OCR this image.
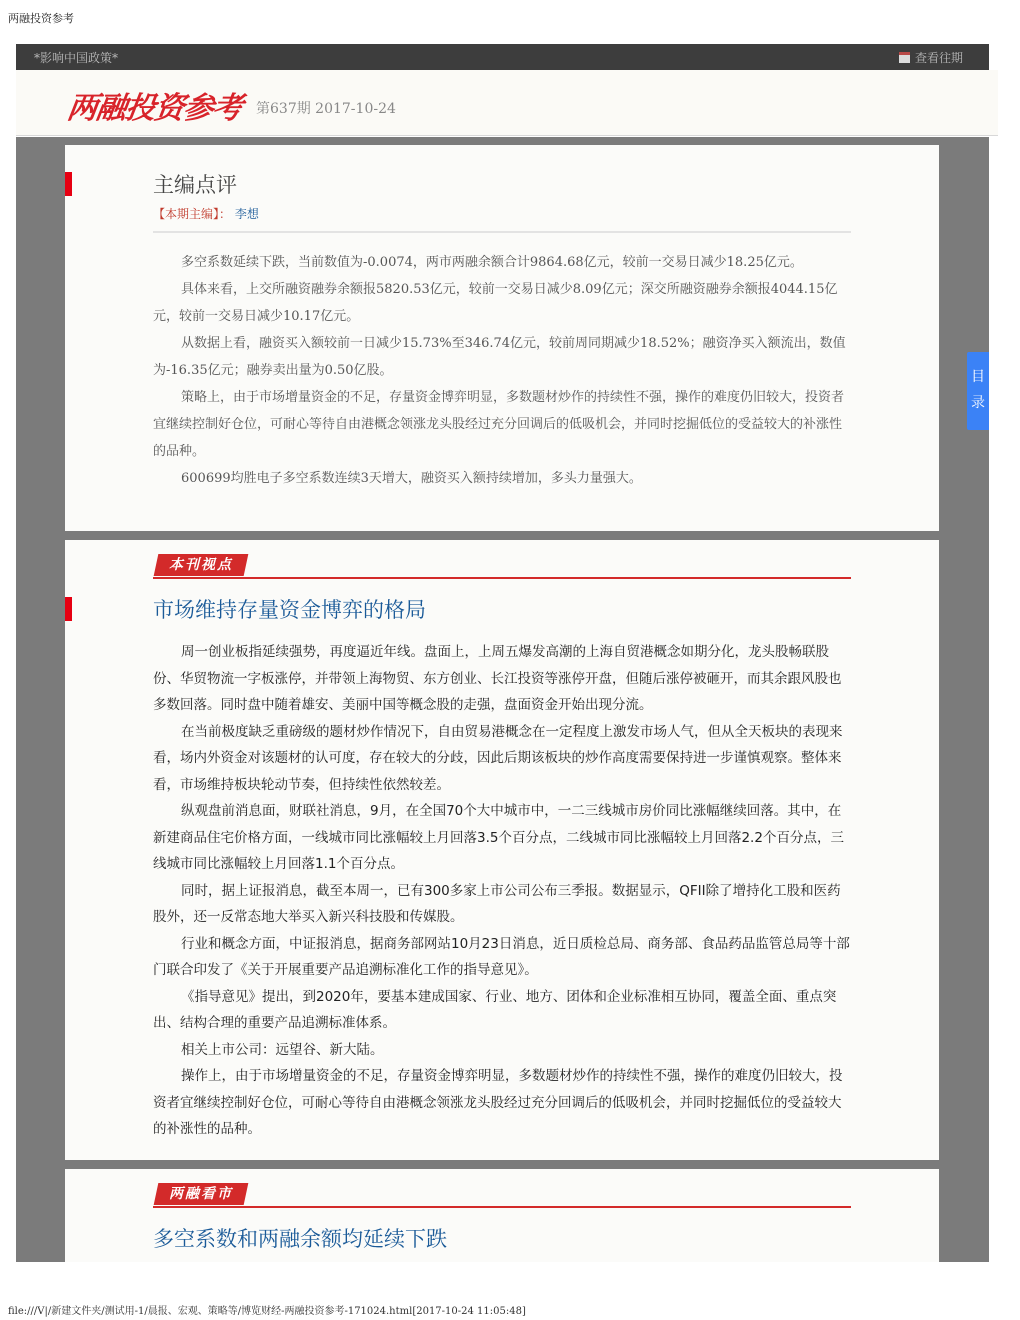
两融投资参考
*影响中国政策*	查看往期
两融投资参考 第637期 2017-10-24
主编点评
【本期主编】： 李想

多空系数延续下跌，当前数值为-0.0074，两市两融余额合计9864.68亿元，较前一交易日减少18.25亿元。

具体来看，上交所融资融券余额报5820.53亿元，较前一交易日减少8.09亿元；深交所融资融券余额报4044.15亿元，较前一交易日减少10.17亿元。

从数据上看，融资买入额较前一日减少15.73%至346.74亿元，较前周同期减少18.52%；融资净买入额流出，数值为-16.35亿元；融券卖出量为0.50亿股。

策略上，由于市场增量资金的不足，存量资金博弈明显，多数题材炒作的持续性不强，操作的难度仍旧较大，投资者宜继续控制好仓位，可耐心等待自由港概念领涨龙头股经过充分回调后的低吸机会，并同时挖掘低位的受益较大的补涨性的品种。

600699均胜电子多空系数连续3天增大，融资买入额持续增加，多头力量强大。

本刊视点
市场维持存量资金博弈的格局

周一创业板指延续强势，再度逼近年线。盘面上，上周五爆发高潮的上海自贸港概念如期分化，龙头股畅联股份、华贸物流一字板涨停，并带领上海物贸、东方创业、长江投资等涨停开盘，但随后涨停被砸开，而其余跟风股也多数回落。同时盘中随着雄安、美丽中国等概念股的走强，盘面资金开始出现分流。

在当前极度缺乏重磅级的题材炒作情况下，自由贸易港概念在一定程度上激发市场人气，但从全天板块的表现来看，场内外资金对该题材的认可度，存在较大的分歧，因此后期该板块的炒作高度需要保持进一步谨慎观察。整体来看，市场维持板块轮动节奏，但持续性依然较差。

纵观盘前消息面，财联社消息，9月，在全国70个大中城市中，一二三线城市房价同比涨幅继续回落。其中，在新建商品住宅价格方面，一线城市同比涨幅较上月回落3.5个百分点，二线城市同比涨幅较上月回落2.2个百分点，三线城市同比涨幅较上月回落1.1个百分点。

同时，据上证报消息，截至本周一，已有300多家上市公司公布三季报。数据显示，QFII除了增持化工股和医药股外，还一反常态地大举买入新兴科技股和传媒股。

行业和概念方面，中证报消息，据商务部网站10月23日消息，近日质检总局、商务部、食品药品监管总局等十部门联合印发了《关于开展重要产品追溯标准化工作的指导意见》。

《指导意见》提出，到2020年，要基本建成国家、行业、地方、团体和企业标准相互协同，覆盖全面、重点突出、结构合理的重要产品追溯标准体系。

相关上市公司：远望谷、新大陆。

操作上，由于市场增量资金的不足，存量资金博弈明显，多数题材炒作的持续性不强，操作的难度仍旧较大，投资者宜继续控制好仓位，可耐心等待自由港概念领涨龙头股经过充分回调后的低吸机会，并同时挖掘低位的受益较大的补涨性的品种。

两融看市
多空系数和两融余额均延续下跌
目录
file:///V|/新建文件夹/测试用-1/晨报、宏观、策略等/博览财经-两融投资参考-171024.html[2017-10-24 11:05:48]
